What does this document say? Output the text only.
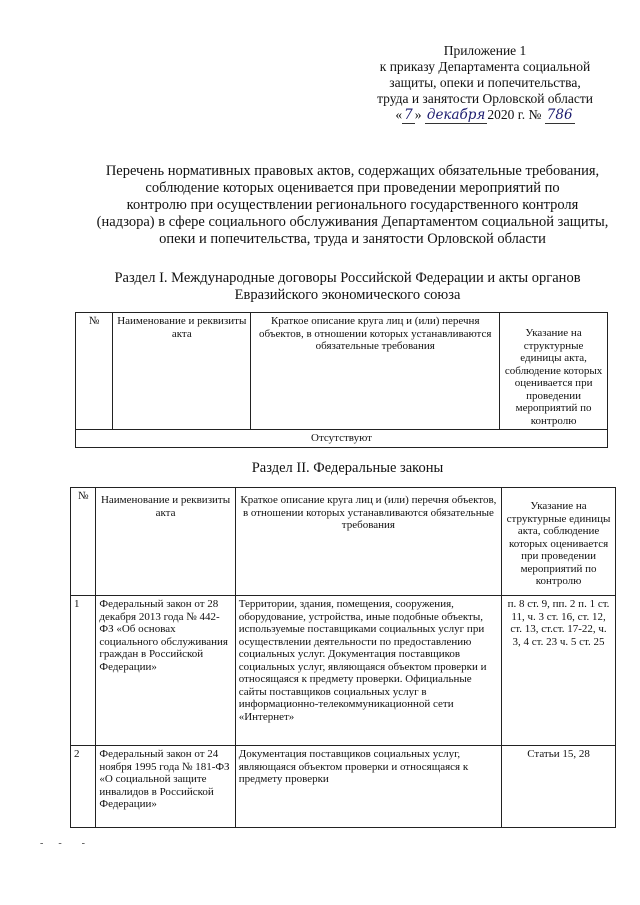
Приложение 1
к приказу Департамента социальной
защиты, опеки и попечительства,
труда и занятости Орловской области
« 7 » декабря 2020 г. № 786
Перечень нормативных правовых актов, содержащих обязательные требования,
соблюдение которых оценивается при проведении мероприятий по
контролю при осуществлении регионального государственного контроля
(надзора) в сфере социального обслуживания Департаментом социальной защиты,
опеки и попечительства, труда и занятости Орловской области
Раздел I. Международные договоры Российской Федерации и акты органов
Евразийского экономического союза
№	Наименование и реквизиты акта	Краткое описание круга лиц и (или) перечня объектов, в отношении которых устанавливаются обязательные требования	Указание на структурные единицы акта, соблюдение которых оценивается при проведении мероприятий по контролю
Отсутствуют
Раздел II. Федеральные законы
№	Наименование и реквизиты акта	Краткое описание круга лиц и (или) перечня объектов, в отношении которых устанавливаются обязательные требования	Указание на структурные единицы акта, соблюдение которых оценивается при проведении мероприятий по контролю
1	Федеральный закон от 28 декабря 2013 года № 442-ФЗ «Об основах социального обслуживания граждан в Российской Федерации»	Территории, здания, помещения, сооружения, оборудование, устройства, иные подобные объекты, используемые поставщиками социальных услуг при осуществлении деятельности по предоставлению социальных услуг. Документация поставщиков социальных услуг, являющаяся объектом проверки и относящаяся к предмету проверки. Официальные сайты поставщиков социальных услуг в информационно-телекоммуникационной сети «Интернет»	п. 8 ст. 9, пп. 2 п. 1 ст. 11, ч. 3 ст. 16, ст. 12, ст. 13, ст.ст. 17-22, ч. 3, 4 ст. 23 ч. 5 ст. 25
2	Федеральный закон от 24 ноября 1995 года № 181-ФЗ «О социальной защите инвалидов в Российской Федерации»	Документация поставщиков социальных услуг, являющаяся объектом проверки и относящаяся к предмету проверки	Статьи 15, 28
-      -        -
